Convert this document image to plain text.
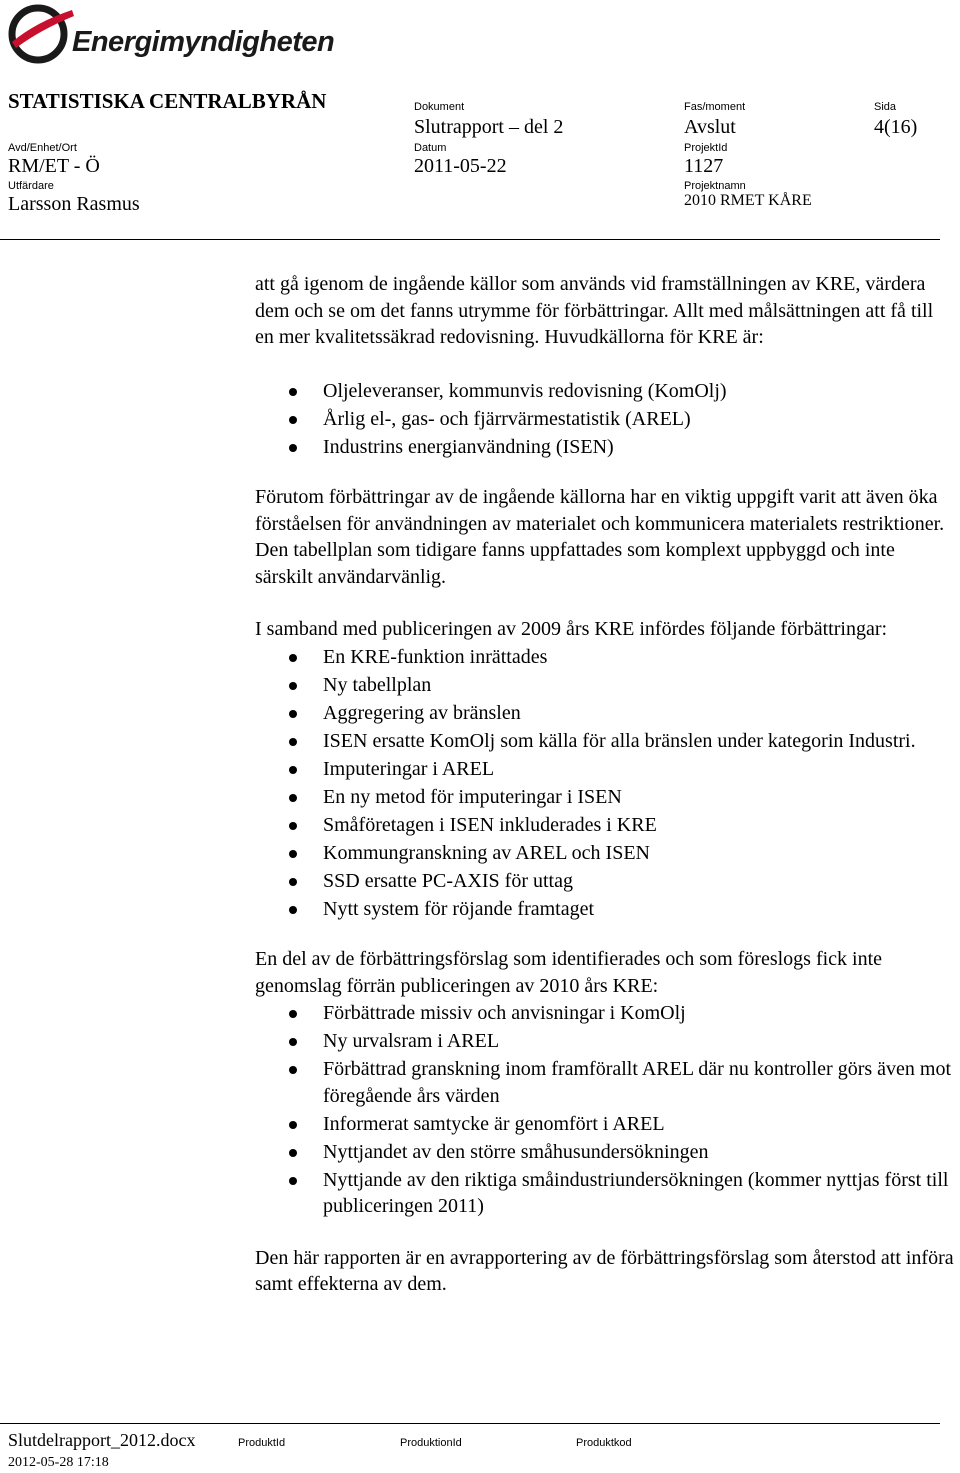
Energimyndigheten
STATISTISKA CENTRALBYRÅN	Dokument
Slutrapport – del 2
Fas/moment
Avslut
Sida
4(16)
Avd/Enhet/Ort
RM/ET - Ö
Datum
2011-05-22
ProjektId
1127
Utfärdare
Larsson Rasmus
Projektnamn
2010 RMET KÅRE

att gå igenom de ingående källor som används vid framställningen av KRE, värdera dem och se om det fanns utrymme för förbättringar. Allt med målsättningen att få till en mer kvalitetssäkrad redovisning. Huvudkällorna för KRE är:

Oljeleveranser, kommunvis redovisning (KomOlj)
Årlig el-, gas- och fjärrvärmestatistik (AREL)
Industrins energianvändning (ISEN)

Förutom förbättringar av de ingående källorna har en viktig uppgift varit att även öka förståelsen för användningen av materialet och kommunicera materialets restriktioner. Den tabellplan som tidigare fanns uppfattades som komplext uppbyggd och inte särskilt användarvänlig.

I samband med publiceringen av 2009 års KRE infördes följande förbättringar:

En KRE-funktion inrättades
Ny tabellplan
Aggregering av bränslen
ISEN ersatte KomOlj som källa för alla bränslen under kategorin Industri.
Imputeringar i AREL
En ny metod för imputeringar i ISEN
Småföretagen i ISEN inkluderades i KRE
Kommungranskning av AREL och ISEN
SSD ersatte PC-AXIS för uttag
Nytt system för röjande framtaget

En del av de förbättringsförslag som identifierades och som föreslogs fick inte genomslag förrän publiceringen av 2010 års KRE:

Förbättrade missiv och anvisningar i KomOlj
Ny urvalsram i AREL
Förbättrad granskning inom framförallt AREL där nu kontroller görs även mot föregående års värden
Informerat samtycke är genomfört i AREL
Nyttjandet av den större småhusundersökningen
Nyttjande av den riktiga småindustriundersökningen (kommer nyttjas först till publiceringen 2011)

Den här rapporten är en avrapportering av de förbättringsförslag som återstod att införa samt effekterna av dem.

Slutdelrapport_2012.docx
2012-05-28 17:18
ProduktId	ProduktionId	Produktkod
